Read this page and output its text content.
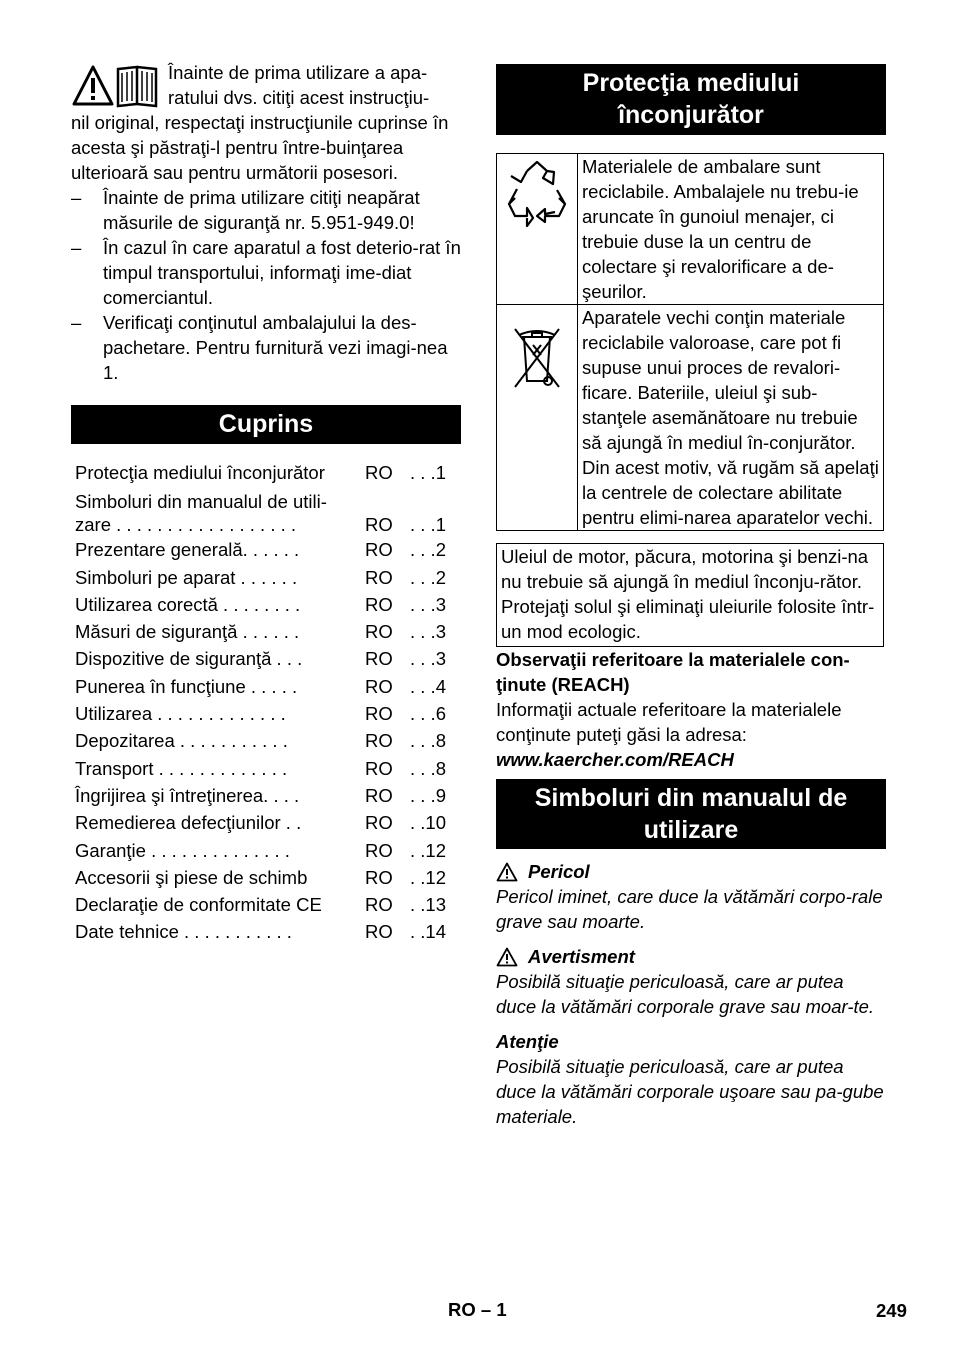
Înainte de prima utilizare a apa-
ratului dvs. citiţi acest instrucţiu-

nil original, respectaţi instrucţiunile cuprinse în acesta şi păstraţi-l pentru între-buinţarea ulterioară sau pentru următorii posesori.

– Înainte de prima utilizare citiţi neapărat măsurile de siguranţă nr. 5.951-949.0!
– În cazul în care aparatul a fost deterio-rat în timpul transportului, informaţi ime-diat comerciantul.
– Verificaţi conţinutul ambalajului la des-pachetare. Pentru furnitură vezi imagi-nea 1.
Cuprins
Protecţia mediului înconjurător	RO . . .1
Simboluri din manualul de utili-
zare . . . . . . . . . . . . . . . . . .	RO . . .1
Prezentare generală. . . . . .	RO . . .2
Simboluri pe aparat . . . . . .	RO . . .2
Utilizarea corectă . . . . . . . .	RO . . .3
Măsuri de siguranţă . . . . . .	RO . . .3
Dispozitive de siguranţă . . .	RO . . .3
Punerea în funcţiune . . . . .	RO . . .4
Utilizarea . . . . . . . . . . . . .	RO . . .6
Depozitarea . . . . . . . . . . .	RO . . .8
Transport . . . . . . . . . . . . .	RO . . .8
Îngrijirea şi întreţinerea. . . .	RO . . .9
Remedierea defecţiunilor . .	RO . .10
Garanţie . . . . . . . . . . . . . .	RO . .12
Accesorii şi piese de schimb	RO . .12
Declaraţie de conformitate CE	RO . .13
Date tehnice . . . . . . . . . . .	RO . .14
Protecţia mediului
înconjurător
	Materialele de ambalare sunt reciclabile. Ambalajele nu trebu-ie aruncate în gunoiul menajer, ci trebuie duse la un centru de colectare şi revalorificare a de-şeurilor.
	Aparatele vechi conţin materiale reciclabile valoroase, care pot fi supuse unui proces de revalori-ficare. Bateriile, uleiul şi sub-stanţele asemănătoare nu trebuie să ajungă în mediul în-conjurător. Din acest motiv, vă rugăm să apelaţi la centrele de colectare abilitate pentru elimi-narea aparatelor vechi.
Uleiul de motor, păcura, motorina şi benzi-na nu trebuie să ajungă în mediul înconju-rător. Protejaţi solul şi eliminaţi uleiurile folosite într-un mod ecologic.
Observaţii referitoare la materialele con-ţinute (REACH)
Informaţii actuale referitoare la materialele conţinute puteţi găsi la adresa:
www.kaercher.com/REACH
Simboluri din manualul de
utilizare
Pericol

Pericol iminet, care duce la vătămări corpo-rale grave sau moarte.

Avertisment

Posibilă situaţie periculoasă, care ar putea duce la vătămări corporale grave sau moar-te.

Atenţie

Posibilă situaţie periculoasă, care ar putea duce la vătămări corporale uşoare sau pa-gube materiale.

RO – 1	249
